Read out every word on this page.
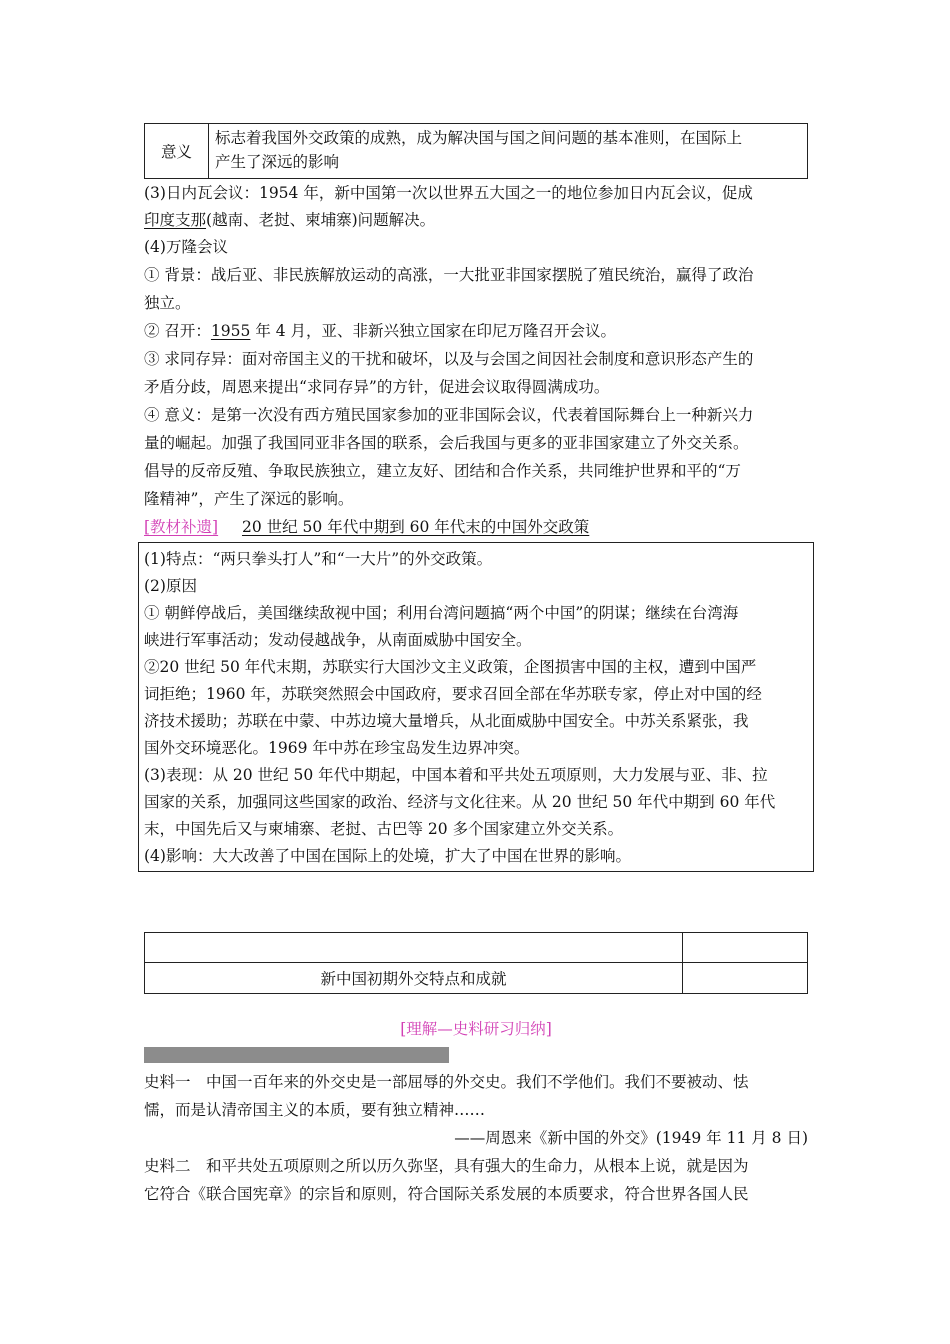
意义
标志着我国外交政策的成熟，成为解决国与国之间问题的基本准则，在国际上
产生了深远的影响
(3)日内瓦会议：1954 年，新中国第一次以世界五大国之一的地位参加日内瓦会议，促成
印度支那(越南、老挝、柬埔寨)问题解决。
(4)万隆会议
① 背景：战后亚、非民族解放运动的高涨，一大批亚非国家摆脱了殖民统治，赢得了政治
独立。
② 召开：1955 年 4 月，亚、非新兴独立国家在印尼万隆召开会议。
③ 求同存异：面对帝国主义的干扰和破坏，以及与会国之间因社会制度和意识形态产生的
矛盾分歧，周恩来提出“求同存异”的方针，促进会议取得圆满成功。
④ 意义：是第一次没有西方殖民国家参加的亚非国际会议，代表着国际舞台上一种新兴力
量的崛起。加强了我国同亚非各国的联系，会后我国与更多的亚非国家建立了外交关系。
倡导的反帝反殖、争取民族独立，建立友好、团结和合作关系，共同维护世界和平的“万
隆精神”，产生了深远的影响。
[教材补遗] 20 世纪 50 年代中期到 60 年代末的中国外交政策
(1)特点：“两只拳头打人”和“一大片”的外交政策。
(2)原因
① 朝鲜停战后，美国继续敌视中国；利用台湾问题搞“两个中国”的阴谋；继续在台湾海
峡进行军事活动；发动侵越战争，从南面威胁中国安全。
②20 世纪 50 年代末期，苏联实行大国沙文主义政策，企图损害中国的主权，遭到中国严
词拒绝；1960 年，苏联突然照会中国政府，要求召回全部在华苏联专家，停止对中国的经
济技术援助；苏联在中蒙、中苏边境大量增兵，从北面威胁中国安全。中苏关系紧张，我
国外交环境恶化。1969 年中苏在珍宝岛发生边界冲突。
(3)表现：从 20 世纪 50 年代中期起，中国本着和平共处五项原则，大力发展与亚、非、拉
国家的关系，加强同这些国家的政治、经济与文化往来。从 20 世纪 50 年代中期到 60 年代
末，中国先后又与柬埔寨、老挝、古巴等 20 多个国家建立外交关系。
(4)影响：大大改善了中国在国际上的处境，扩大了中国在世界的影响。
新中国初期外交特点和成就
[理解—史料研习归纳]
史料一　中国一百年来的外交史是一部屈辱的外交史。我们不学他们。我们不要被动、怯
懦，而是认清帝国主义的本质，要有独立精神……
——周恩来《新中国的外交》(1949 年 11 月 8 日)
史料二　和平共处五项原则之所以历久弥坚，具有强大的生命力，从根本上说，就是因为
它符合《联合国宪章》的宗旨和原则，符合国际关系发展的本质要求，符合世界各国人民
